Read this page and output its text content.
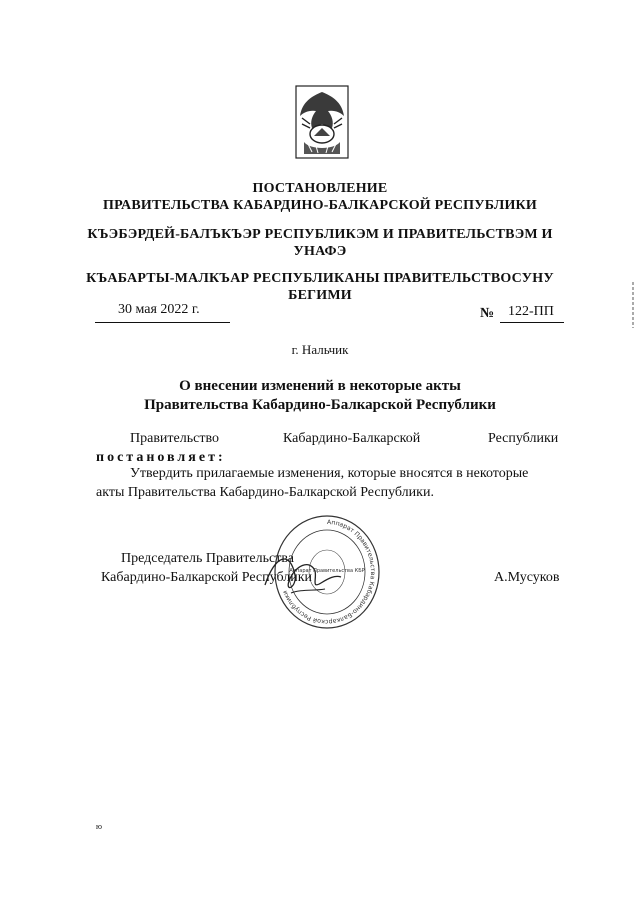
ПОСТАНОВЛЕНИЕ
ПРАВИТЕЛЬСТВА КАБАРДИНО-БАЛКАРСКОЙ РЕСПУБЛИКИ
КЪЭБЭРДЕЙ-БАЛЪКЪЭР РЕСПУБЛИКЭМ И ПРАВИТЕЛЬСТВЭМ И
УНАФЭ
КЪАБАРТЫ-МАЛКЪАР РЕСПУБЛИКАНЫ ПРАВИТЕЛЬСТВОСУНУ
БЕГИМИ
30 мая 2022 г.	№ 122-ПП
г. Нальчик
О внесении изменений в некоторые акты
Правительства Кабардино-Балкарской Республики
Правительство	Кабардино-Балкарской	Республики
постановляет:
Утвердить прилагаемые изменения, которые вносятся в некоторые
акты Правительства Кабардино-Балкарской Республики.
Аппарат Правительства Кабардино-Балкарской Республики
Аппарат Правительства КБР
Председатель Правительства
Кабардино-Балкарской Республики	А.Мусуков
ю
